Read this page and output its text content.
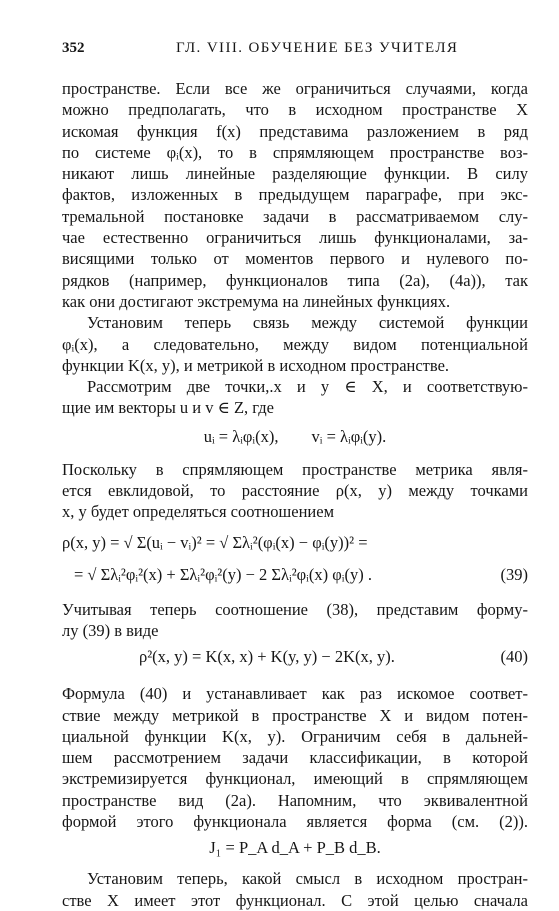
352	ГЛ. VIII. ОБУЧЕНИЕ БЕЗ УЧИТЕЛЯ

пространстве. Если все же ограничиться случаями, когда
можно предполагать, что в исходном пространстве X
искомая функция f(x) представима разложением в ряд
по системе φᵢ(x), то в спрямляющем пространстве воз-
никают лишь линейные разделяющие функции. В силу
фактов, изложенных в предыдущем параграфе, при экс-
тремальной постановке задачи в рассматриваемом слу-
чае естественно ограничиться лишь функционалами, за-
висящими только от моментов первого и нулевого по-
рядков (например, функционалов типа (2а), (4а)), так
как они достигают экстремума на линейных функциях.

Установим теперь связь между системой функции
φᵢ(x), а следовательно, между видом потенциальной
функции K(x, y), и метрикой в исходном пространстве.

Рассмотрим две точки,.x и y ∈ X, и соответствую-
щие им векторы u и v ∈ Z, где

uᵢ = λᵢφᵢ(x),        vᵢ = λᵢφᵢ(y).

Поскольку в спрямляющем пространстве метрика явля-
ется евклидовой, то расстояние ρ(x, y) между точками
x, y будет определяться соотношением

ρ(x, y) = √ Σ(uᵢ − vᵢ)² = √ Σλᵢ²(φᵢ(x) − φᵢ(y))² =
= √ Σλᵢ²φᵢ²(x) + Σλᵢ²φᵢ²(y) − 2 Σλᵢ²φᵢ(x) φᵢ(y) .	(39)

Учитывая теперь соотношение (38), представим форму-
лу (39) в виде

ρ²(x, y) = K(x, x) + K(y, y) − 2K(x, y).	(40)

Формула (40) и устанавливает как раз искомое соответ-
ствие между метрикой в пространстве X и видом потен-
циальной функции K(x, y). Ограничим себя в дальней-
шем рассмотрением задачи классификации, в которой
экстремизируется функционал, имеющий в спрямляющем
пространстве вид (2а). Напомним, что эквивалентной
формой этого функционала является форма (см. (2)).

J₁ = P_A d_A + P_B d_B.

Установим теперь, какой смысл в исходном простран-
стве X имеет этот функционал. С этой целью сначала
